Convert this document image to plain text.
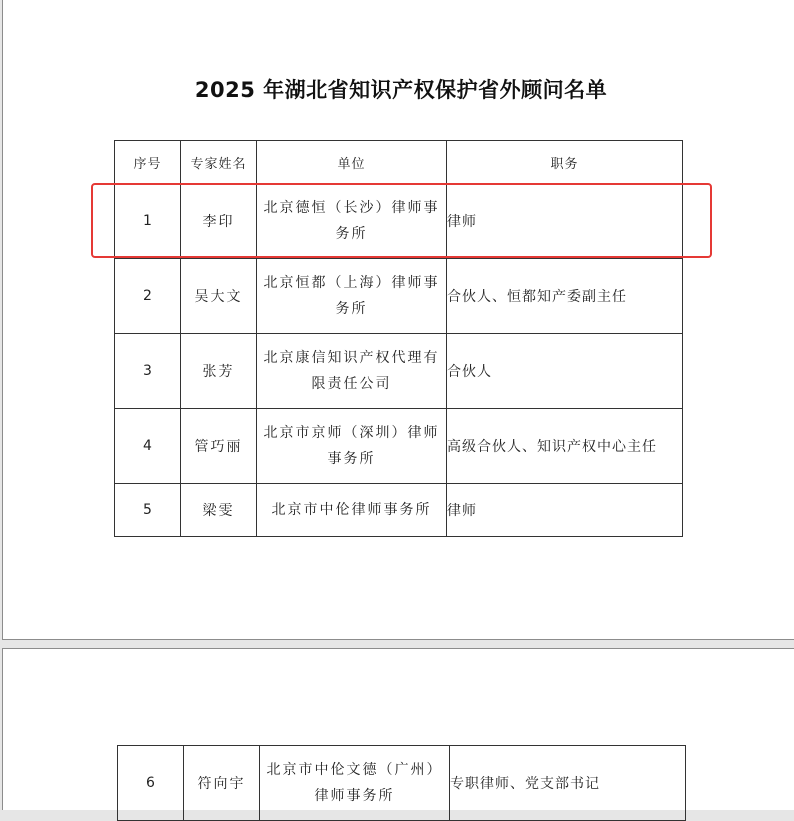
2025 年湖北省知识产权保护省外顾问名单
序号	专家姓名	单位	职务
1	李印	北京德恒（长沙）律师事务所	律师
2	吴大文	北京恒都（上海）律师事务所	合伙人、恒都知产委副主任
3	张芳	北京康信知识产权代理有限责任公司	合伙人
4	管巧丽	北京市京师（深圳）律师事务所	高级合伙人、知识产权中心主任
5	梁雯	北京市中伦律师事务所	律师
6	符向宇	北京市中伦文德（广州）律师事务所	专职律师、党支部书记
